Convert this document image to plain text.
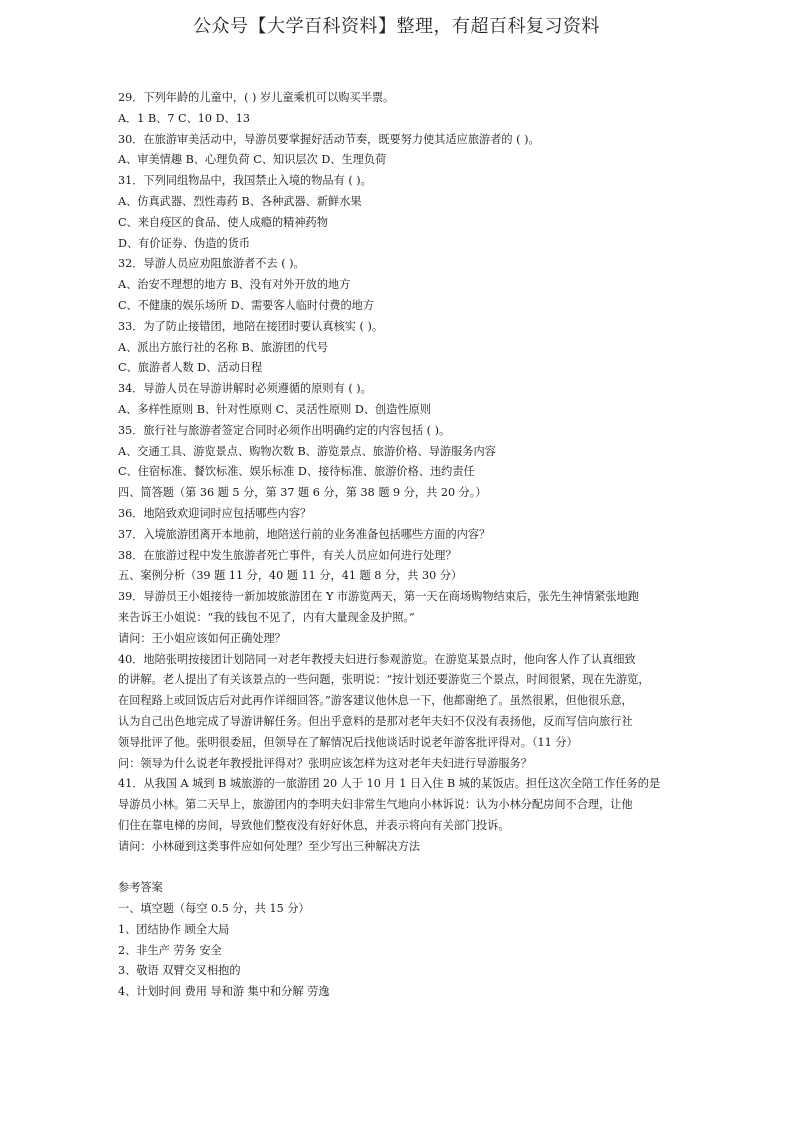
公众号【大学百科资料】整理，有超百科复习资料
29．下列年龄的儿童中，( ) 岁儿童乘机可以购买半票。
A．1 B、7 C、10 D、13
30．在旅游审美活动中，导游员要掌握好活动节奏，既要努力使其适应旅游者的 ( )。
A、审美情趣 B、心理负荷 C、知识层次 D、生理负荷
31．下列同组物品中，我国禁止入境的物品有 ( )。
A、仿真武器、烈性毒药 B、各种武器、新鲜水果
C、来自疫区的食品、使人成瘾的精神药物
D、有价证券、伪造的货币
32．导游人员应劝阻旅游者不去 ( )。
A、治安不理想的地方 B、没有对外开放的地方
C、不健康的娱乐场所 D、需要客人临时付费的地方
33．为了防止接错团，地陪在接团时要认真核实 ( )。
A、派出方旅行社的名称 B、旅游团的代号
C、旅游者人数 D、活动日程
34．导游人员在导游讲解时必须遵循的原则有 ( )。
A、多样性原则 B、针对性原则 C、灵活性原则 D、创造性原则
35．旅行社与旅游者签定合同时必须作出明确约定的内容包括 ( )。
A、交通工具、游览景点、购物次数 B、游览景点、旅游价格、导游服务内容
C、住宿标准、餐饮标准、娱乐标准 D、接待标准、旅游价格、违约责任
四、简答题（第 36 题 5 分，第 37 题 6 分，第 38 题 9 分，共 20 分。）
36．地陪致欢迎词时应包括哪些内容？
37．入境旅游团离开本地前，地陪送行前的业务准备包括哪些方面的内容？
38．在旅游过程中发生旅游者死亡事件，有关人员应如何进行处理？
五、案例分析（39 题 11 分，40 题 11 分，41 题 8 分，共 30 分）
39．导游员王小姐接待一新加坡旅游团在 Y 市游览两天，第一天在商场购物结束后，张先生神情紧张地跑
来告诉王小姐说：“我的钱包不见了，内有大量现金及护照。”
请问：王小姐应该如何正确处理？
40．地陪张明按接团计划陪同一对老年教授夫妇进行参观游览。在游览某景点时，他向客人作了认真细致
的讲解。老人提出了有关该景点的一些问题，张明说：“按计划还要游览三个景点，时间很紧，现在先游览，
在回程路上或回饭店后对此再作详细回答。”游客建议他休息一下，他都谢绝了。虽然很累，但他很乐意，
认为自己出色地完成了导游讲解任务。但出乎意料的是那对老年夫妇不仅没有表扬他，反而写信向旅行社
领导批评了他。张明很委屈，但领导在了解情况后找他谈话时说老年游客批评得对。（11 分）
问：领导为什么说老年教授批评得对？张明应该怎样为这对老年夫妇进行导游服务？
41．从我国 A 城到 B 城旅游的一旅游团 20 人于 10 月 1 日入住 B 城的某饭店。担任这次全陪工作任务的是
导游员小林。第二天早上，旅游团内的李明夫妇非常生气地向小林诉说：认为小林分配房间不合理，让他
们住在靠电梯的房间，导致他们整夜没有好好休息，并表示将向有关部门投诉。
请问：小林碰到这类事件应如何处理？至少写出三种解决方法
参考答案
一、填空题（每空 0.5 分，共 15 分）
1、团结协作 顾全大局
2、非生产 劳务 安全
3、敬语 双臂交叉相抱的
4、计划时间 费用 导和游 集中和分解 劳逸
